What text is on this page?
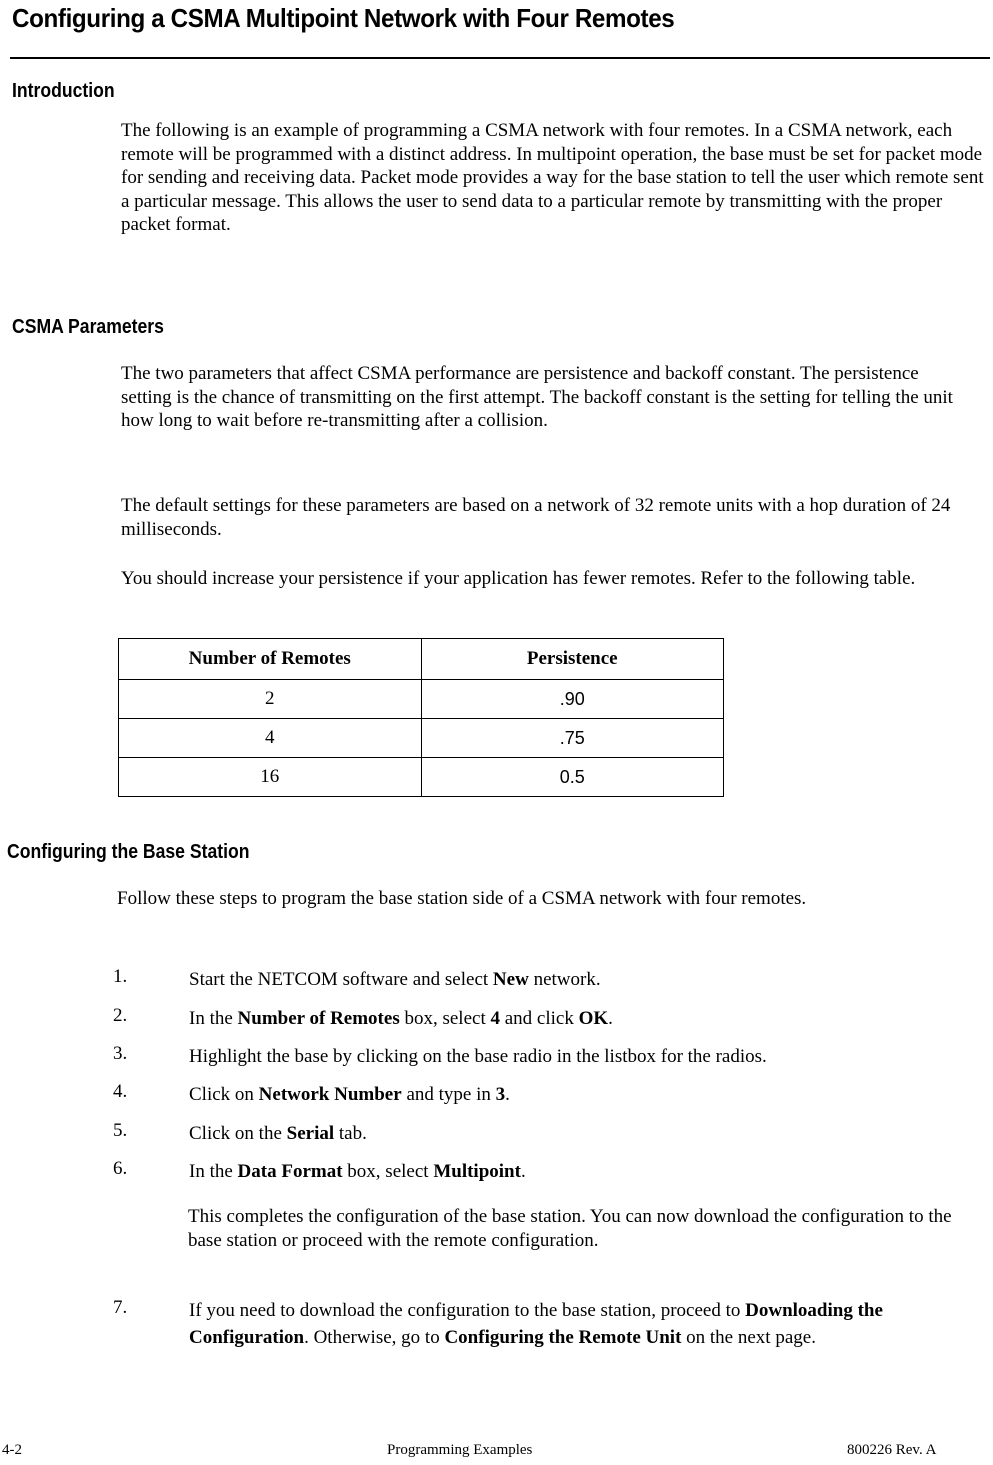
Configuring a CSMA Multipoint Network with Four Remotes
Introduction

The following is an example of programming a CSMA network with four remotes. In a CSMA network, each remote will be programmed with a distinct address. In multipoint operation, the base must be set for packet mode for sending and receiving data. Packet mode provides a way for the base station to tell the user which remote sent a particular message. This allows the user to send data to a particular remote by transmitting with the proper packet format.

CSMA Parameters

The two parameters that affect CSMA performance are persistence and backoff constant. The persistence setting is the chance of transmitting on the first attempt. The backoff constant is the setting for telling the unit how long to wait before re-transmitting after a collision.

The default settings for these parameters are based on a network of 32 remote units with a hop duration of 24 milliseconds.

You should increase your persistence if your application has fewer remotes. Refer to the following table.

Number of Remotes	Persistence
2	.90
4	.75
16	0.5
Configuring the Base Station

Follow these steps to program the base station side of a CSMA network with four remotes.

1.	Start the NETCOM software and select New network.
2.	In the Number of Remotes box, select 4 and click OK.
3.	Highlight the base by clicking on the base radio in the listbox for the radios.
4.	Click on Network Number and type in 3.
5.	Click on the Serial tab.
6.	In the Data Format box, select Multipoint.

This completes the configuration of the base station. You can now download the configuration to the base station or proceed with the remote configuration.

7.	If you need to download the configuration to the base station, proceed to Downloading the Configuration. Otherwise, go to Configuring the Remote Unit on the next page.
4-2	Programming Examples	800226 Rev. A
